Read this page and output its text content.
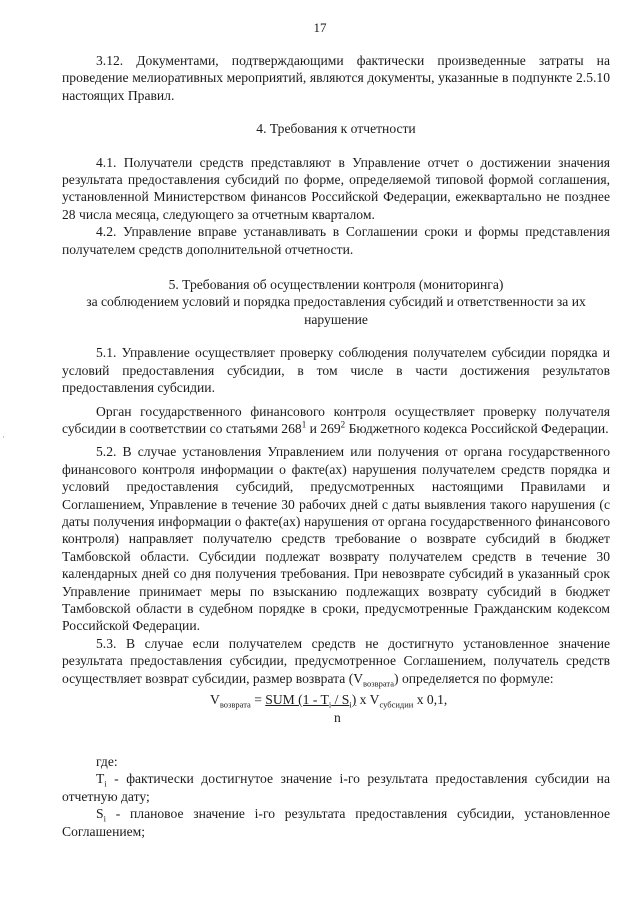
17
·

3.12. Документами, подтверждающими фактически произведенные затраты на проведение мелиоративных мероприятий, являются документы, указанные в подпункте 2.5.10 настоящих Правил.

4. Требования к отчетности

4.1. Получатели средств представляют в Управление отчет о достижении значения результата предоставления субсидий по форме, определяемой типовой формой соглашения, установленной Министерством финансов Российской Федерации, ежеквартально не позднее 28 числа месяца, следующего за отчетным кварталом.

4.2. Управление вправе устанавливать в Соглашении сроки и формы представления получателем средств дополнительной отчетности.

5. Требования об осуществлении контроля (мониторинга)

за соблюдением условий и порядка предоставления субсидий и ответственности за их нарушение

5.1. Управление осуществляет проверку соблюдения получателем субсидии порядка и условий предоставления субсидии, в том числе в части достижения результатов предоставления субсидии.

Орган государственного финансового контроля осуществляет проверку получателя субсидии в соответствии со статьями $268^1$ и $269^2$ Бюджетного кодекса Российской Федерации.

5.2. В случае установления Управлением или получения от органа государственного финансового контроля информации о факте(ах) нарушения получателем средств порядка и условий предоставления субсидий, предусмотренных настоящими Правилами и Соглашением, Управление в течение 30 рабочих дней с даты выявления такого нарушения (с даты получения информации о факте(ах) нарушения от органа государственного финансового контроля) направляет получателю средств требование о возврате субсидий в бюджет Тамбовской области. Субсидии подлежат возврату получателем средств в течение 30 календарных дней со дня получения требования. При невозврате субсидий в указанный срок Управление принимает меры по взысканию подлежащих возврату субсидий в бюджет Тамбовской области в судебном порядке в сроки, предусмотренные Гражданским кодексом Российской Федерации.

5.3. В случае если получателем средств не достигнуто установленное значение результата предоставления субсидии, предусмотренное Соглашением, получатель средств осуществляет возврат субсидии, размер возврата $(V_{возврата})$ определяется по формуле:

$V_{возврата}$ = SUM $(1 - T_i / S_i)$ x $V_{субсидии}$ x 0,1,
n

где:

$T_i$ - фактически достигнутое значение i-го результата предоставления субсидии на отчетную дату;

$S_i$ - плановое значение i-го результата предоставления субсидии, установленное Соглашением;
